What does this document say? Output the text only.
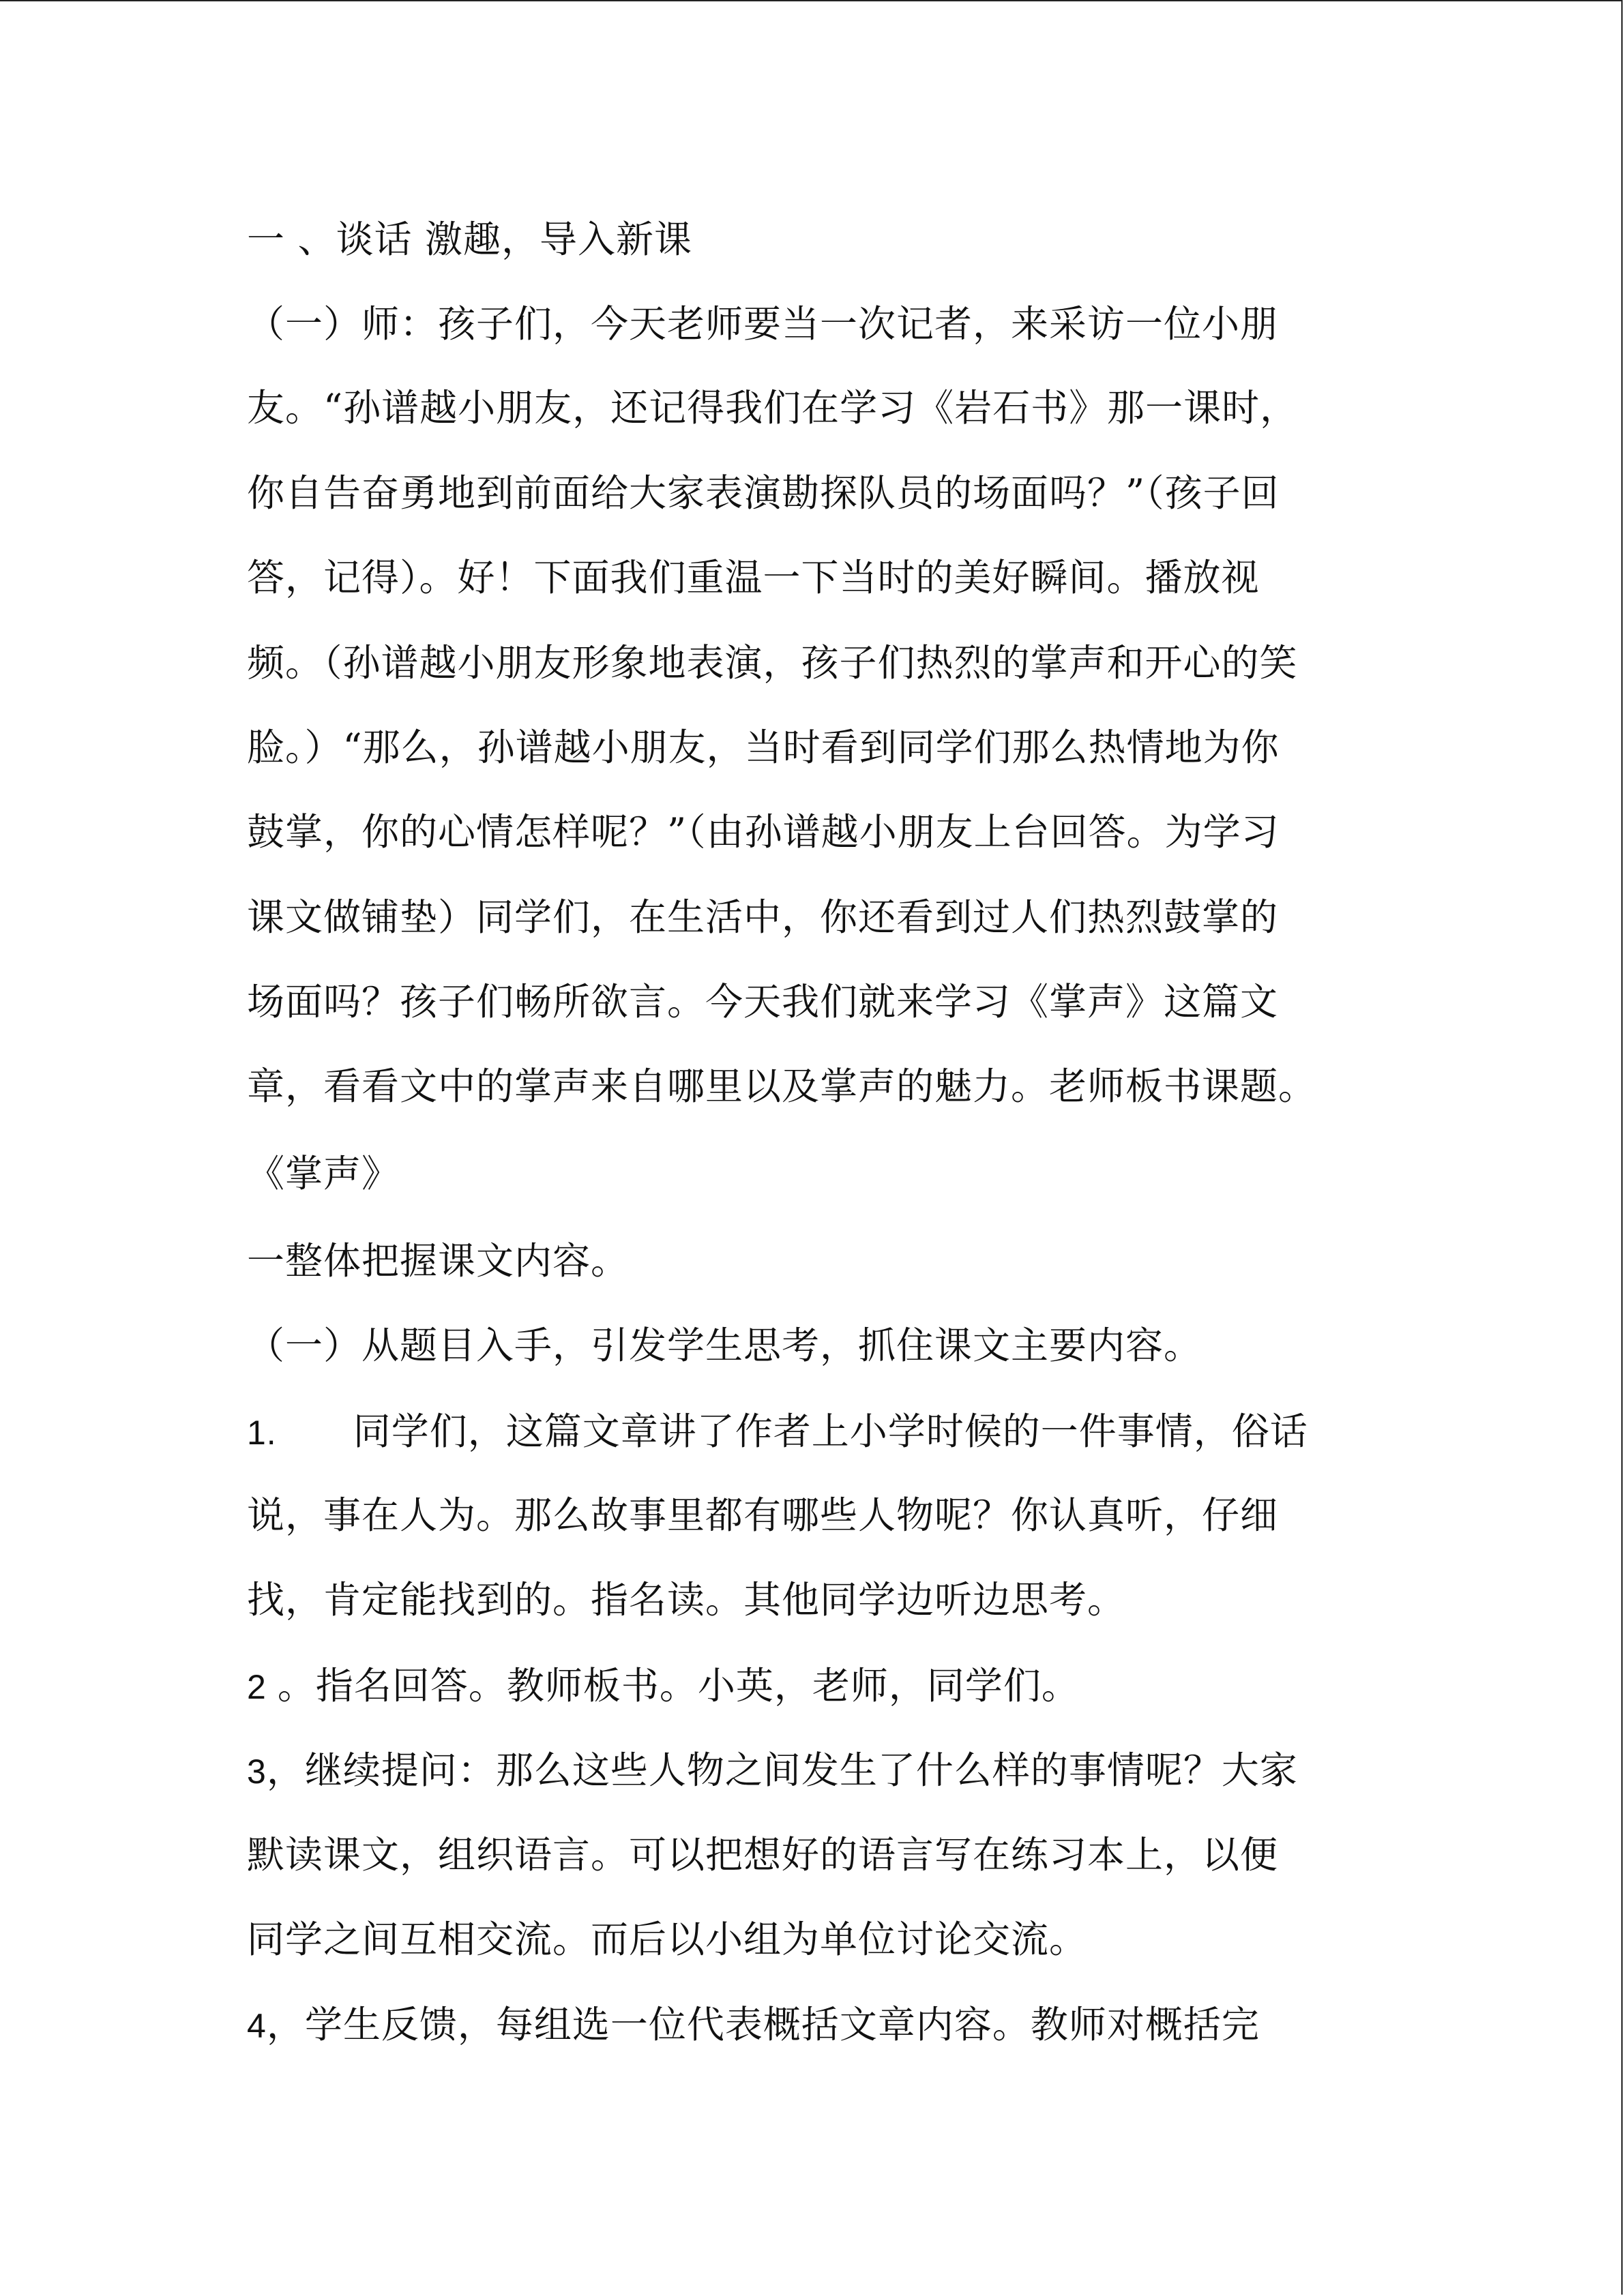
一 、谈话 激趣，导入新课
（一）师：孩子们，今天老师要当一次记者，来采访一位小朋
友。“孙谱越小朋友，还记得我们在学习《岩石书》那一课时，
你自告奋勇地到前面给大家表演勘探队员的场面吗？”（孩子回
答，记得）。好！下面我们重温一下当时的美好瞬间。播放视
频。（孙谱越小朋友形象地表演，孩子们热烈的掌声和开心的笑
脸。）“那么，孙谱越小朋友，当时看到同学们那么热情地为你
鼓掌，你的心情怎样呢？”（由孙谱越小朋友上台回答。为学习
课文做铺垫）同学们，在生活中，你还看到过人们热烈鼓掌的
场面吗？孩子们畅所欲言。今天我们就来学习《掌声》这篇文
章，看看文中的掌声来自哪里以及掌声的魅力。老师板书课题。
《掌声》
一整体把握课文内容。
（一）从题目入手，引发学生思考，抓住课文主要内容。
1. 同学们，这篇文章讲了作者上小学时候的一件事情，俗话
说，事在人为。那么故事里都有哪些人物呢？你认真听，仔细
找，肯定能找到的。指名读。其他同学边听边思考。
2 。指名回答。教师板书。小英，老师，同学们。
3，继续提问：那么这些人物之间发生了什么样的事情呢？大家
默读课文，组织语言。可以把想好的语言写在练习本上，以便
同学之间互相交流。而后以小组为单位讨论交流。
4，学生反馈，每组选一位代表概括文章内容。教师对概括完
